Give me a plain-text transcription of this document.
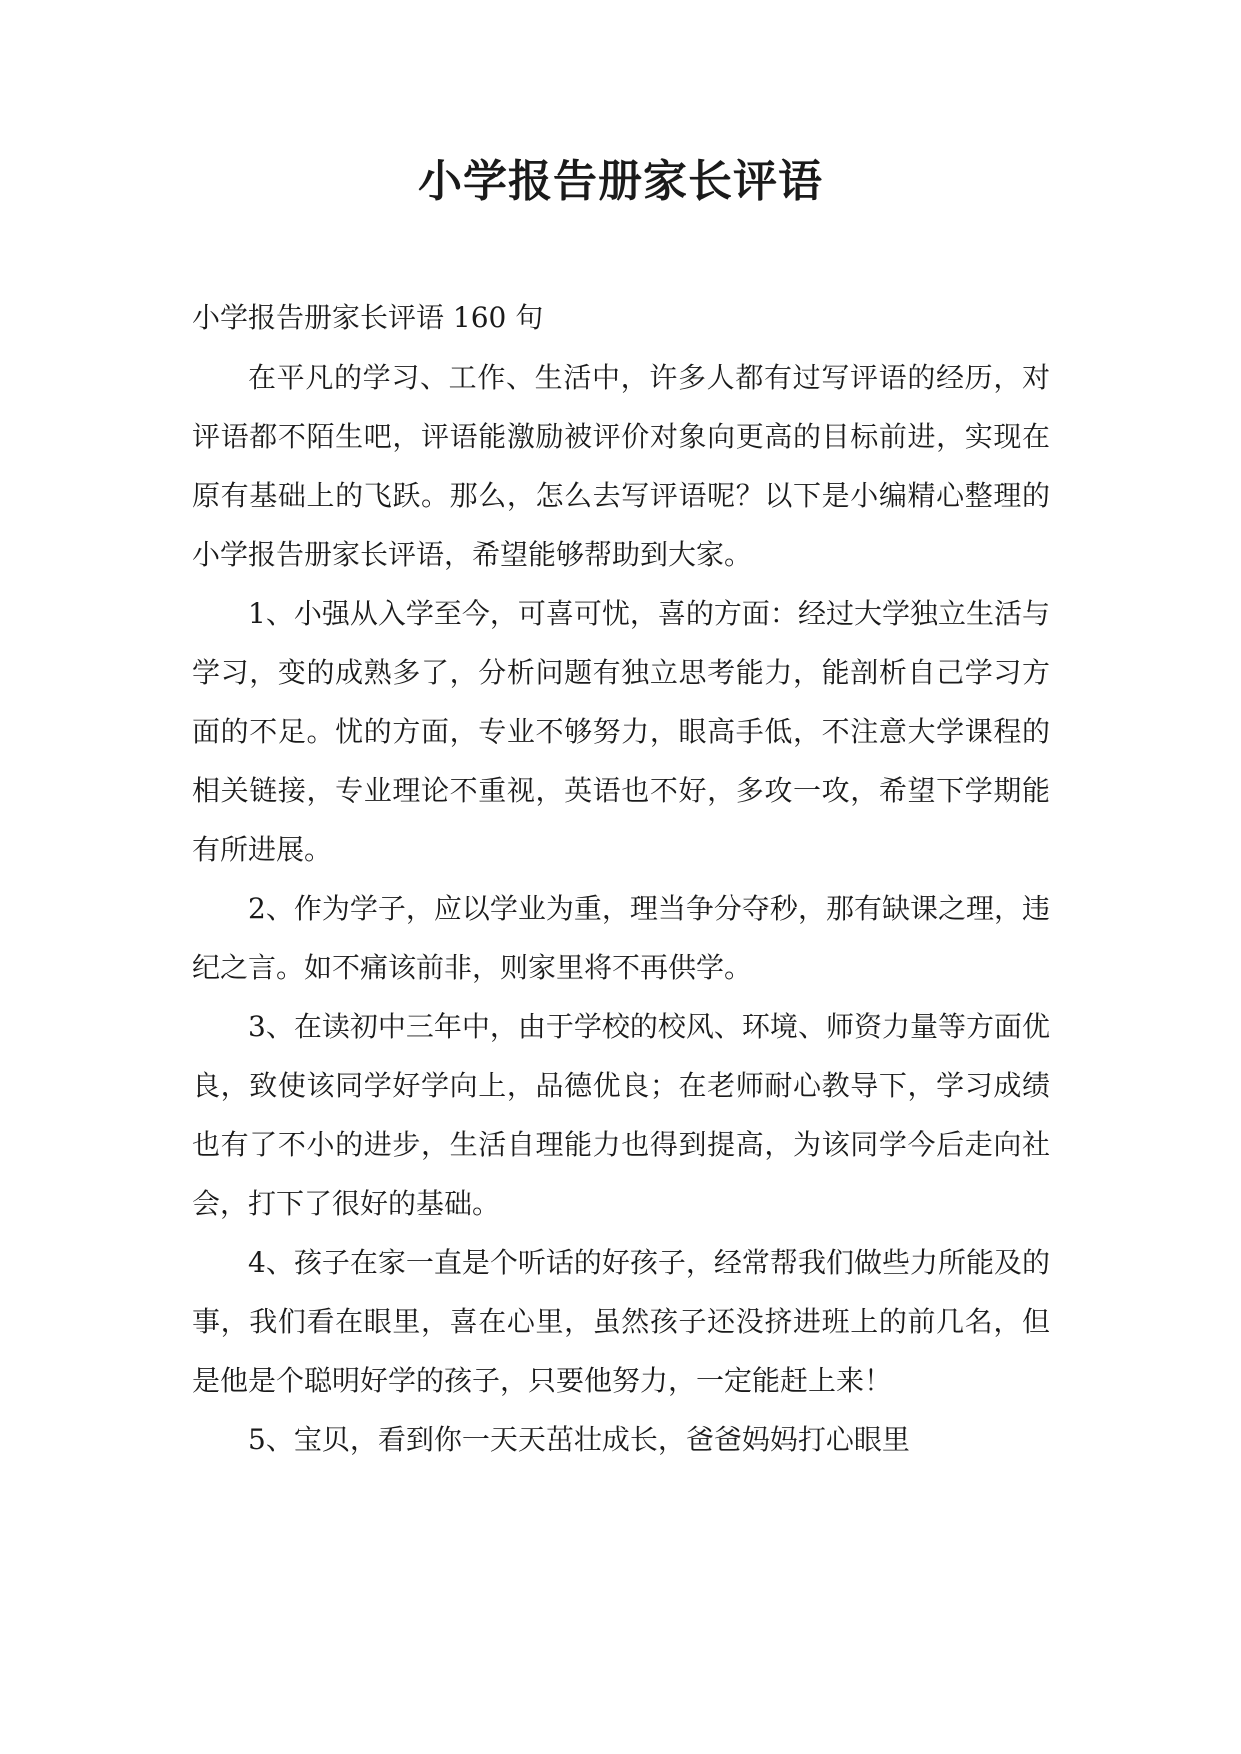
小学报告册家长评语

小学报告册家长评语 160 句

在平凡的学习、工作、生活中，许多人都有过写评语的经历，对评语都不陌生吧，评语能激励被评价对象向更高的目标前进，实现在原有基础上的飞跃。那么，怎么去写评语呢？以下是小编精心整理的小学报告册家长评语，希望能够帮助到大家。

1、小强从入学至今，可喜可忧，喜的方面：经过大学独立生活与学习，变的成熟多了，分析问题有独立思考能力，能剖析自己学习方面的不足。忧的方面，专业不够努力，眼高手低，不注意大学课程的相关链接，专业理论不重视，英语也不好，多攻一攻，希望下学期能有所进展。

2、作为学子，应以学业为重，理当争分夺秒，那有缺课之理，违纪之言。如不痛该前非，则家里将不再供学。

3、在读初中三年中，由于学校的校风、环境、师资力量等方面优良，致使该同学好学向上，品德优良；在老师耐心教导下，学习成绩也有了不小的进步，生活自理能力也得到提高，为该同学今后走向社会，打下了很好的基础。

4、孩子在家一直是个听话的好孩子，经常帮我们做些力所能及的事，我们看在眼里，喜在心里，虽然孩子还没挤进班上的前几名，但是他是个聪明好学的孩子，只要他努力，一定能赶上来！

5、宝贝，看到你一天天茁壮成长，爸爸妈妈打心眼里
